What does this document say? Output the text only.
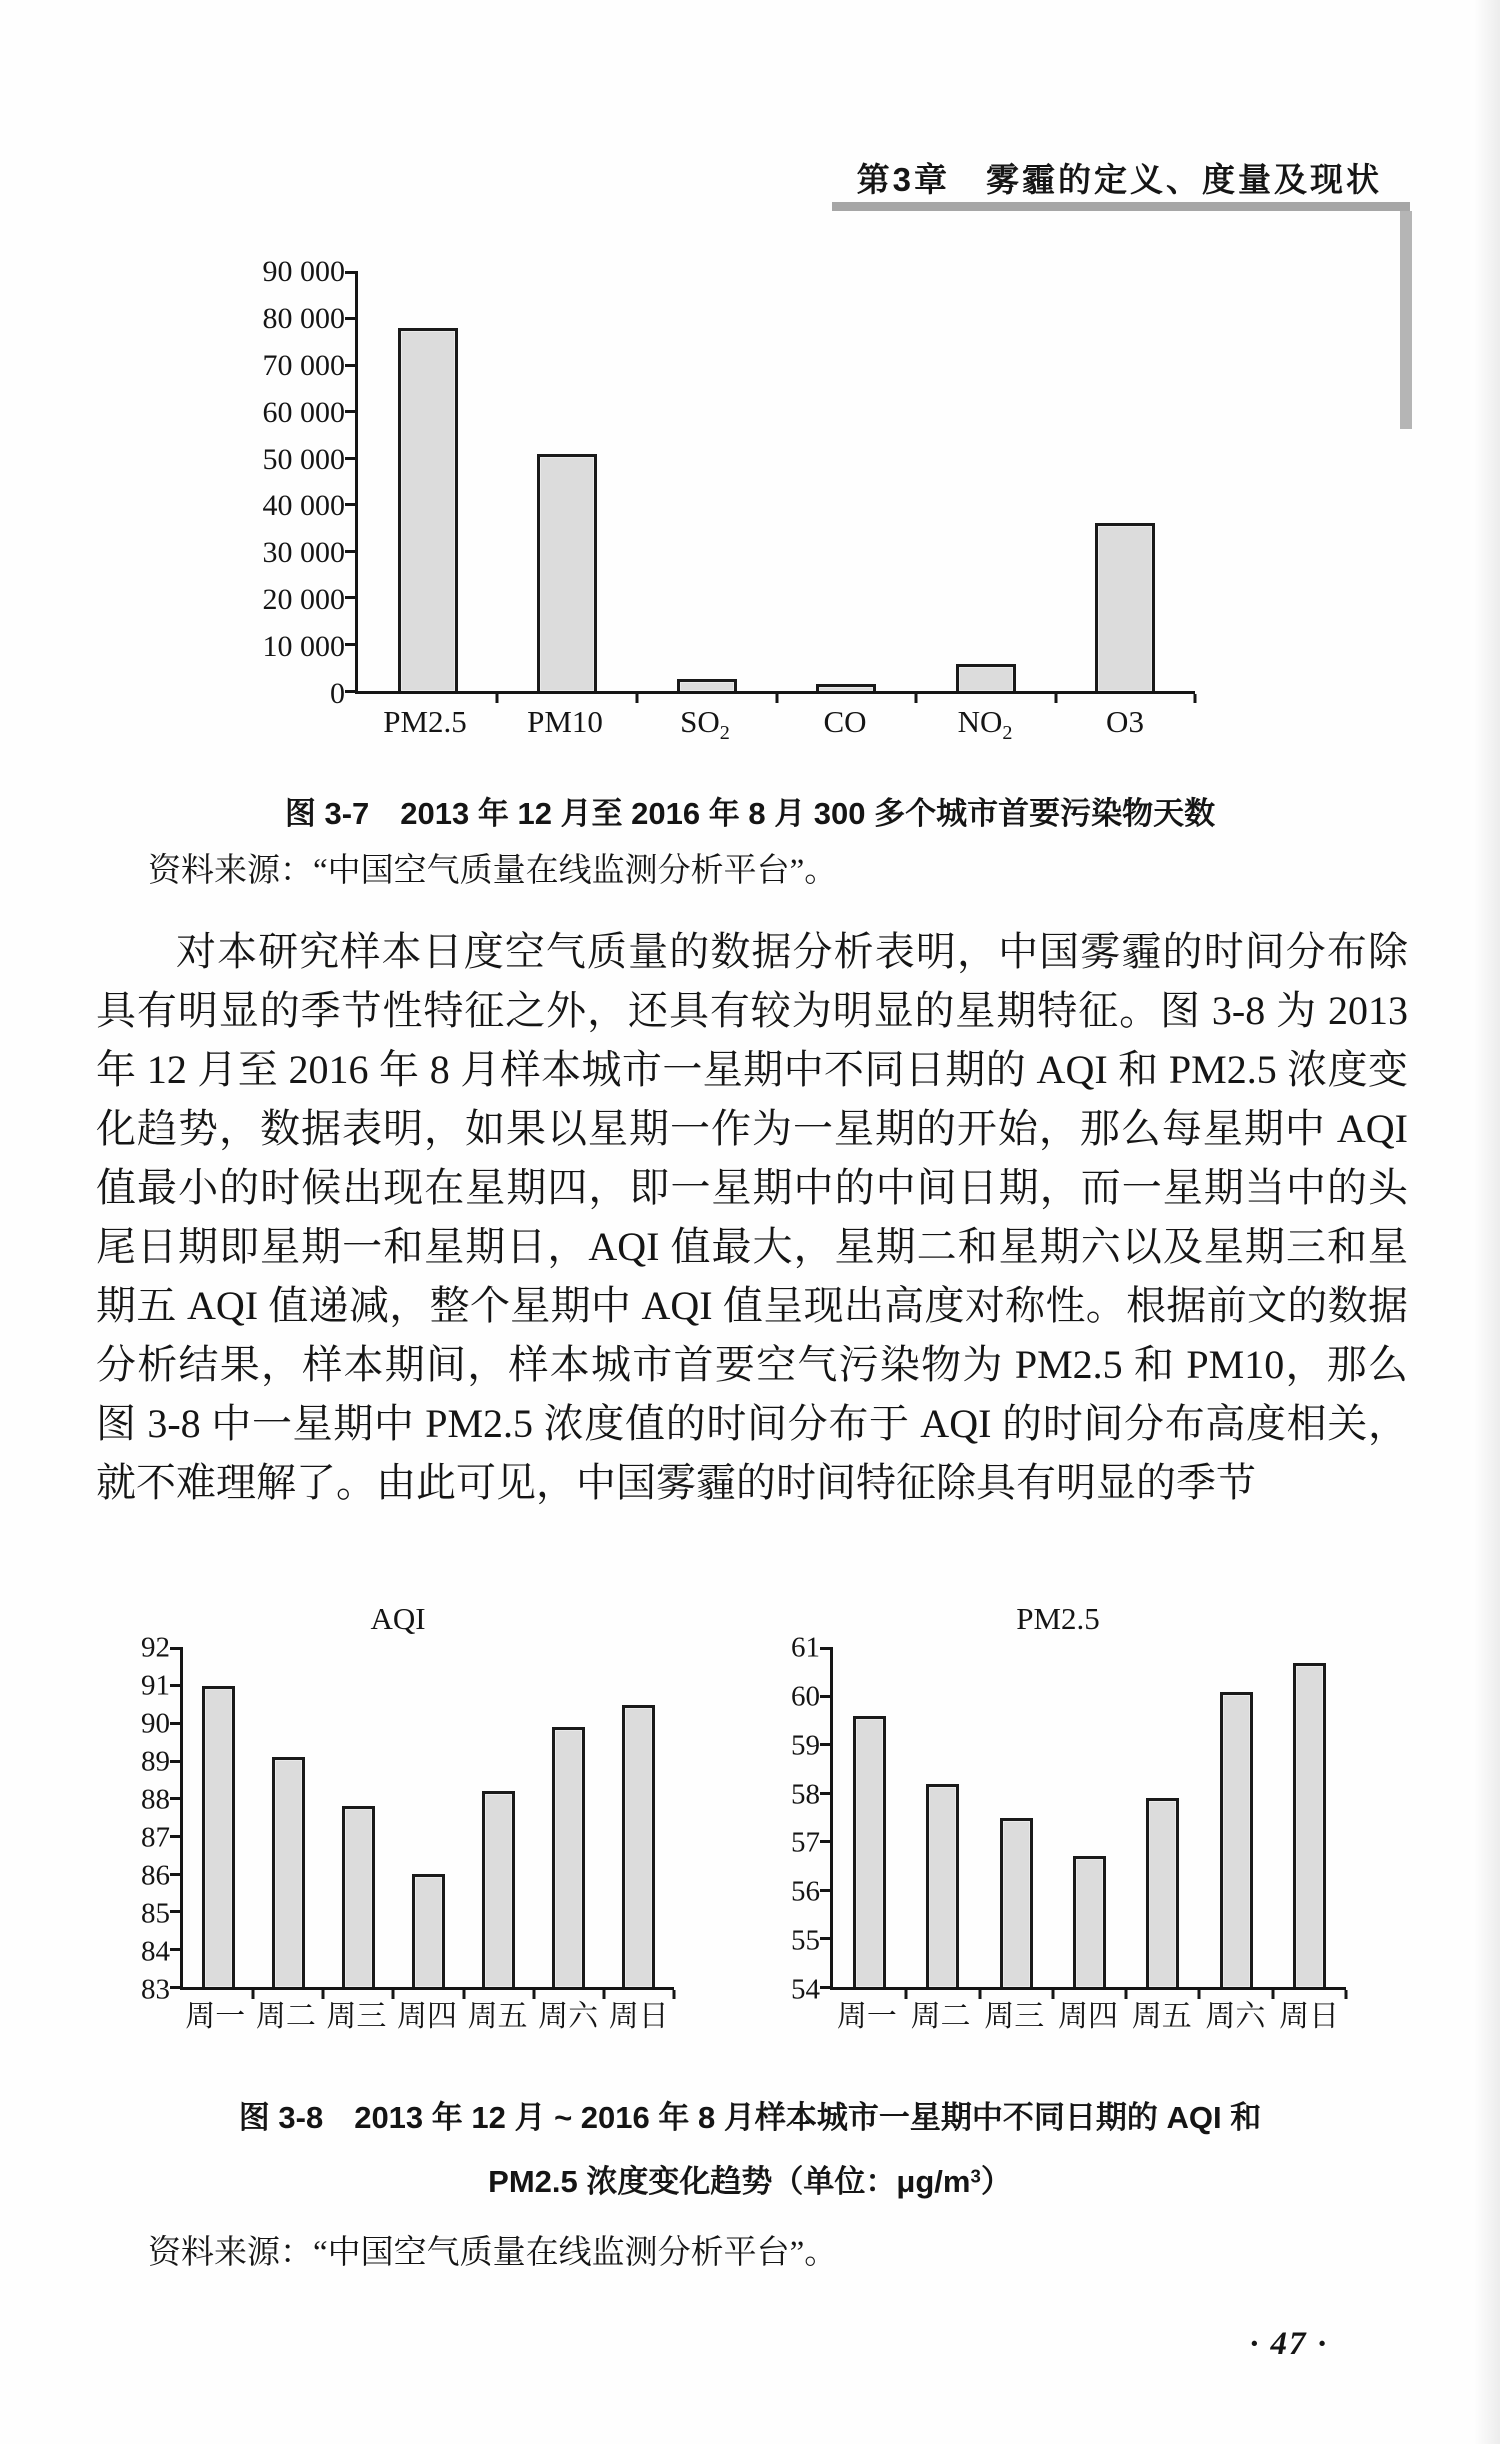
第3章　雾霾的定义、度量及现状
0
10 000
20 000
30 000
40 000
50 000
60 000
70 000
80 000
90 000
PM2.5 PM10 $SO_2$	CO	$NO_2$	O3
图 3-7　2013 年 12 月至 2016 年 8 月 300 多个城市首要污染物天数
资料来源：“中国空气质量在线监测分析平台”。
对本研究样本日度空气质量的数据分析表明，中国雾霾的时间分布除具有明显的季节性特征之外，还具有较为明显的星期特征。图 3-8 为 2013 年 12 月至 2016 年 8 月样本城市一星期中不同日期的 AQI 和 PM2.5 浓度变化趋势，数据表明，如果以星期一作为一星期的开始，那么每星期中 AQI 值最小的时候出现在星期四，即一星期中的中间日期，而一星期当中的头尾日期即星期一和星期日，AQI 值最大，星期二和星期六以及星期三和星期五 AQI 值递减，整个星期中 AQI 值呈现出高度对称性。根据前文的数据分析结果，样本期间，样本城市首要空气污染物为 PM2.5 和 PM10，那么图 3-8 中一星期中 PM2.5 浓度值的时间分布于 AQI 的时间分布高度相关，就不难理解了。由此可见，中国雾霾的时间特征除具有明显的季节
AQI
83
84
85
86
87
88
89
90
91
92
周一 周二 周三 周四 周五 周六 周日
PM2.5
54
55
56
57
58
59
60
61
周一 周二 周三 周四 周五 周六 周日
图 3-8　2013 年 12 月 ~ 2016 年 8 月样本城市一星期中不同日期的 AQI 和
PM2.5 浓度变化趋势（单位：$\mu g/m^3$）
资料来源：“中国空气质量在线监测分析平台”。
· 47 ·
